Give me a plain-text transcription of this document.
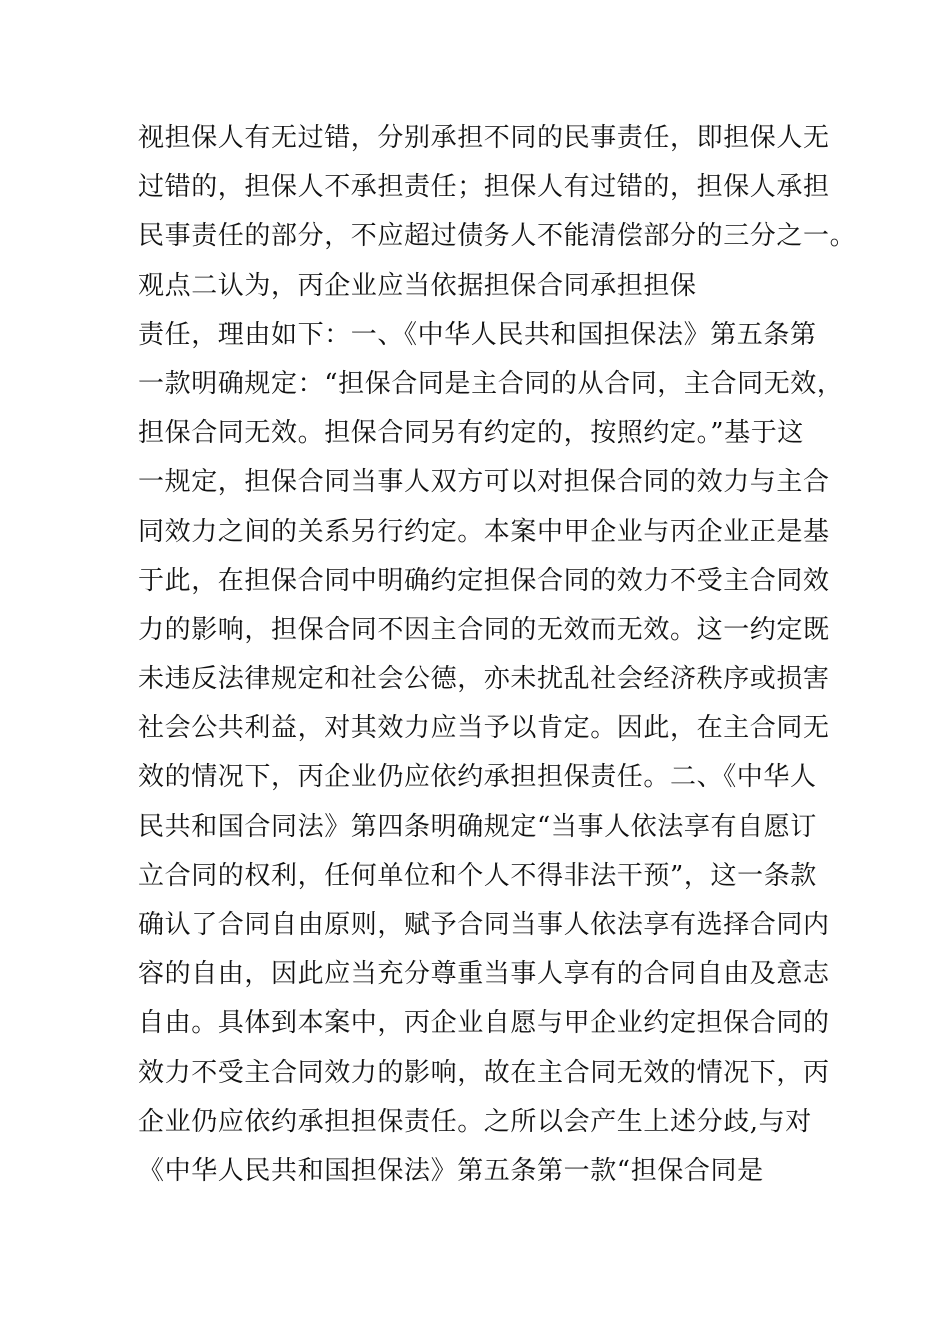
视担保人有无过错，分别承担不同的民事责任，即担保人无
过错的，担保人不承担责任；担保人有过错的，担保人承担
民事责任的部分，不应超过债务人不能清偿部分的三分之一。
观点二认为，丙企业应当依据担保合同承担担保
责任，理由如下：一、《中华人民共和国担保法》第五条第
一款明确规定：“担保合同是主合同的从合同，主合同无效，
担保合同无效。担保合同另有约定的，按照约定。”基于这
一规定，担保合同当事人双方可以对担保合同的效力与主合
同效力之间的关系另行约定。本案中甲企业与丙企业正是基
于此，在担保合同中明确约定担保合同的效力不受主合同效
力的影响，担保合同不因主合同的无效而无效。这一约定既
未违反法律规定和社会公德，亦未扰乱社会经济秩序或损害
社会公共利益，对其效力应当予以肯定。因此，在主合同无
效的情况下，丙企业仍应依约承担担保责任。二、《中华人
民共和国合同法》第四条明确规定“当事人依法享有自愿订
立合同的权利，任何单位和个人不得非法干预”，这一条款
确认了合同自由原则，赋予合同当事人依法享有选择合同内
容的自由，因此应当充分尊重当事人享有的合同自由及意志
自由。具体到本案中，丙企业自愿与甲企业约定担保合同的
效力不受主合同效力的影响，故在主合同无效的情况下，丙
企业仍应依约承担担保责任。之所以会产生上述分歧,与对
《中华人民共和国担保法》第五条第一款“担保合同是
